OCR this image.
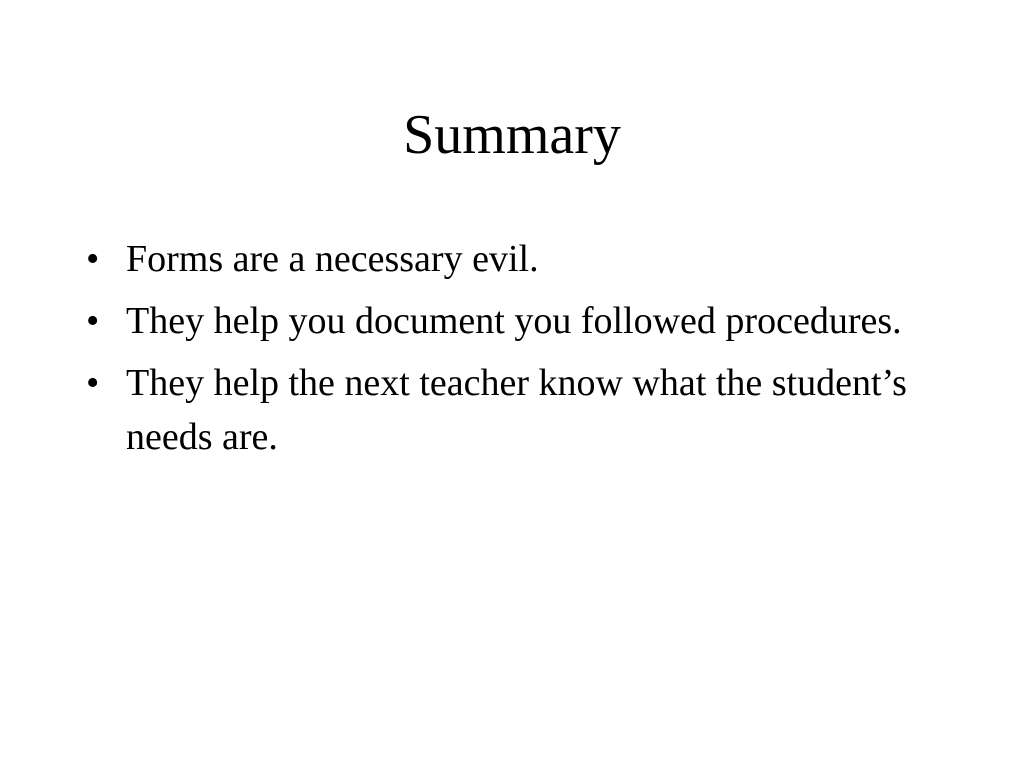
Summary
• Forms are a necessary evil.
• They help you document you followed procedures.
• They help the next teacher know what the student’s needs are.
